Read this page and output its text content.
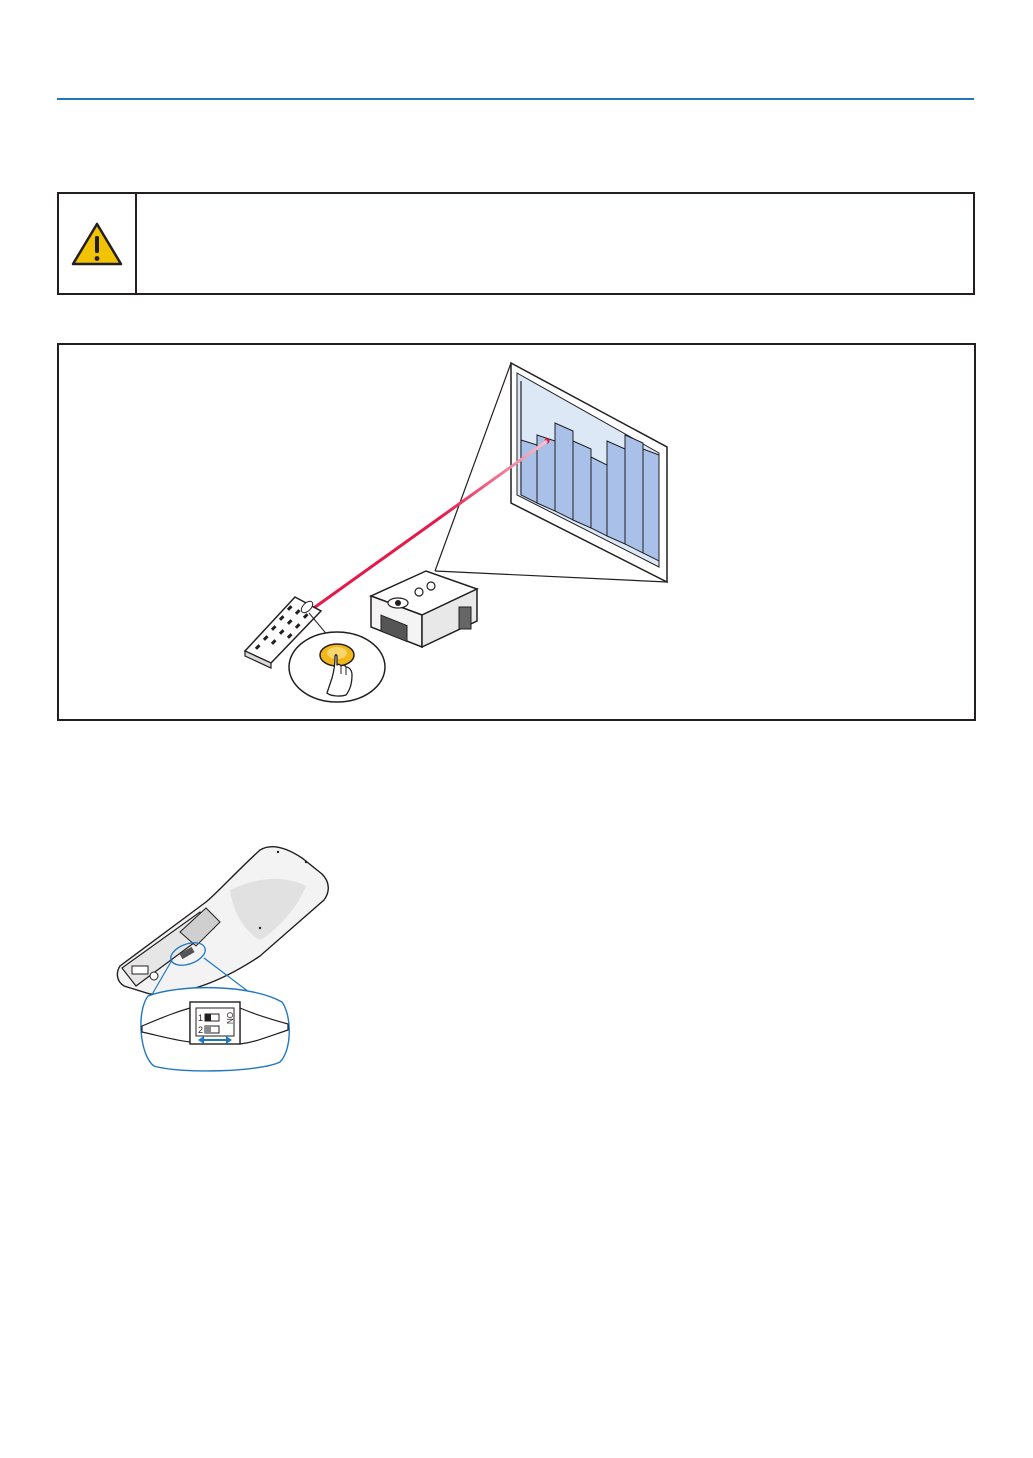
1
2
ON
